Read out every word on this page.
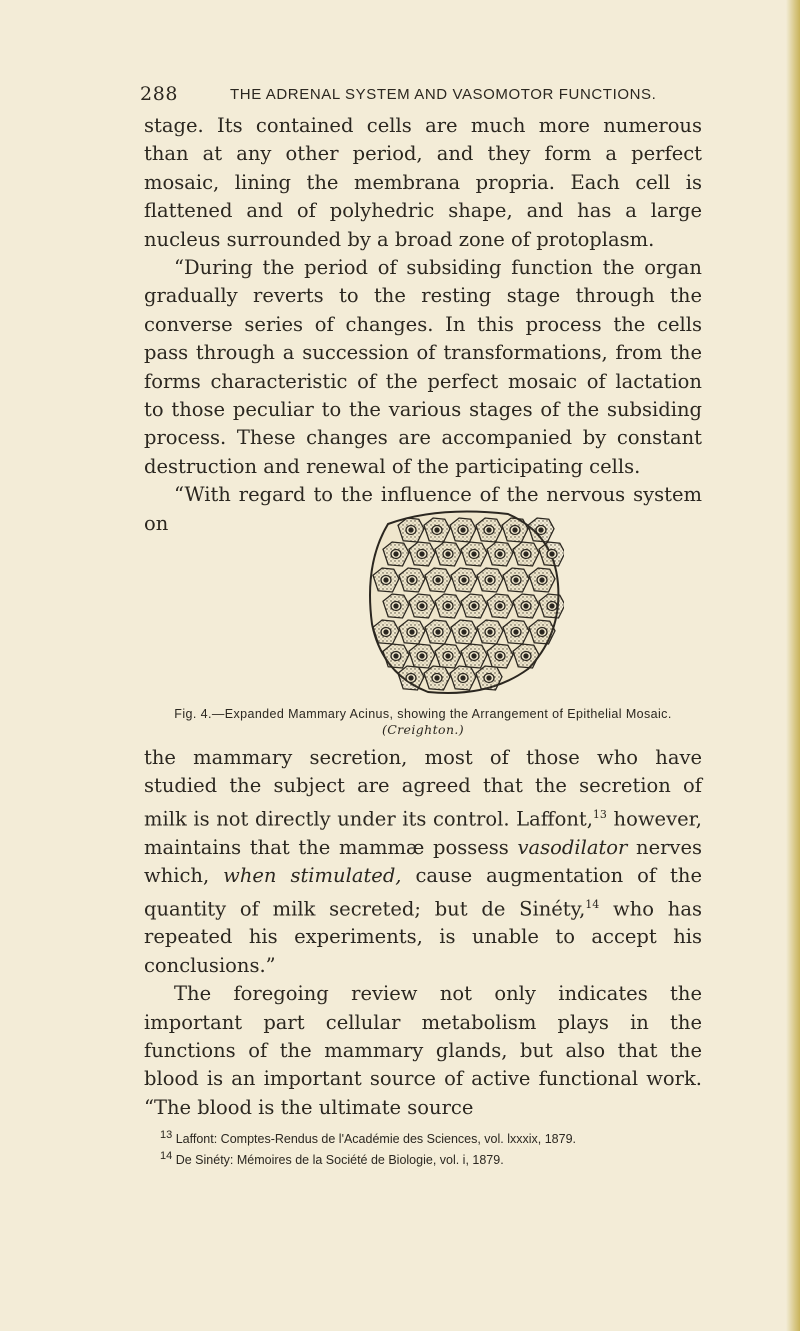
288	THE ADRENAL SYSTEM AND VASOMOTOR FUNCTIONS.

stage. Its contained cells are much more numerous than at any other period, and they form a perfect mosaic, lining the membrana propria. Each cell is flattened and of polyhedric shape, and has a large nucleus surrounded by a broad zone of protoplasm.

“During the period of subsiding function the organ gradually reverts to the resting stage through the converse series of changes. In this process the cells pass through a succession of transformations, from the forms characteristic of the perfect mosaic of lactation to those peculiar to the various stages of the subsiding process. These changes are accompanied by constant destruction and renewal of the participating cells.

“With regard to the influence of the nervous system on

Fig. 4.—Expanded Mammary Acinus, showing the Arrangement of Epithelial Mosaic. (Creighton.)

the mammary secretion, most of those who have studied the subject are agreed that the secretion of milk is not directly under its control. Laffont,$^{13}$ however, maintains that the mammæ possess vasodilator nerves which, when stimulated, cause augmentation of the quantity of milk secreted; but de Sinéty,$^{14}$ who has repeated his experiments, is unable to accept his conclusions.”

The foregoing review not only indicates the important part cellular metabolism plays in the functions of the mammary glands, but also that the blood is an important source of active functional work. “The blood is the ultimate source

$^{13}$ Laffont: Comptes-Rendus de l'Académie des Sciences, vol. lxxxix, 1879.

$^{14}$ De Sinéty: Mémoires de la Société de Biologie, vol. i, 1879.
